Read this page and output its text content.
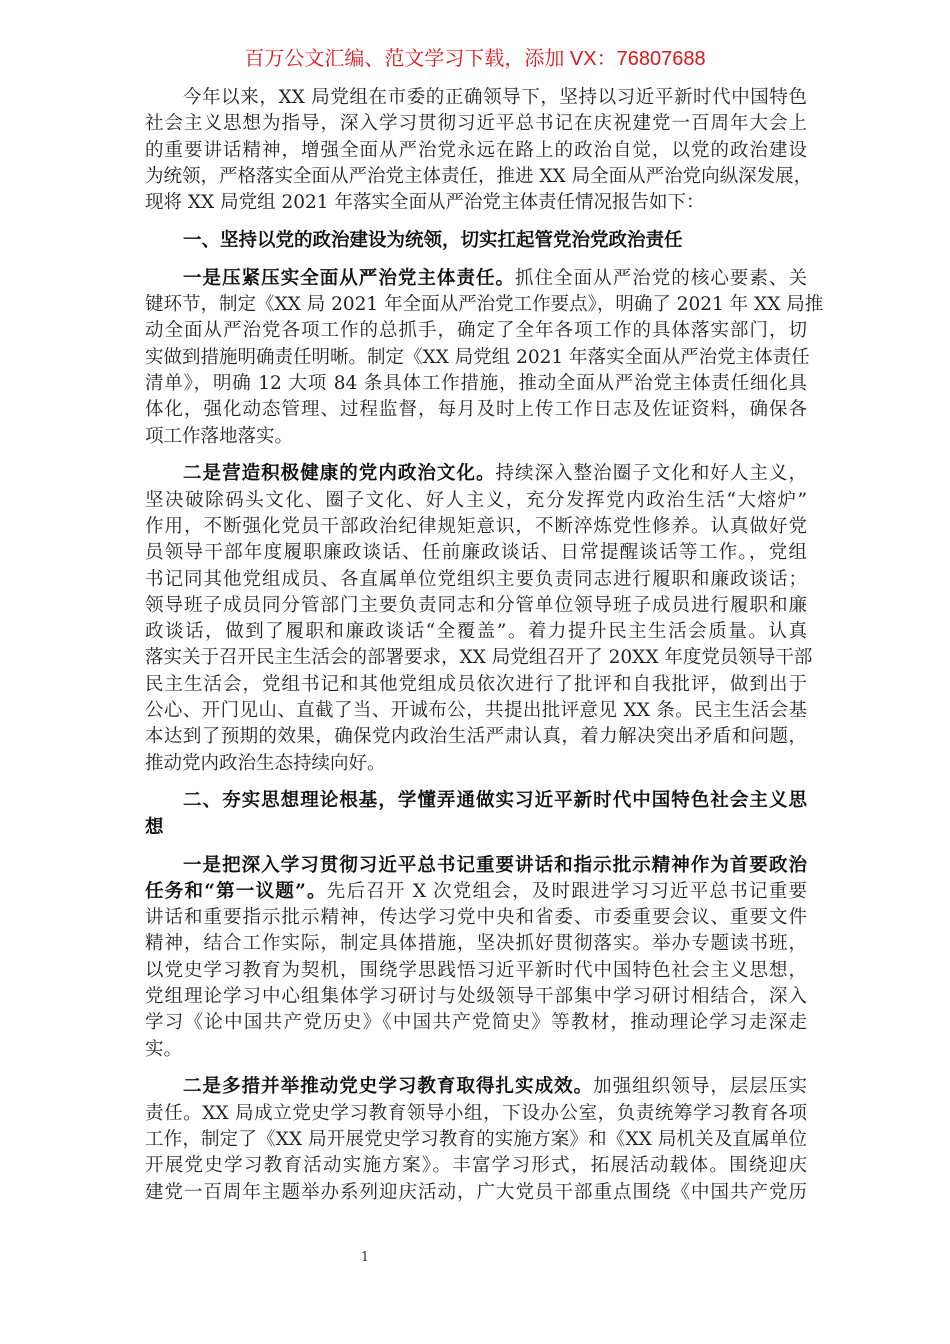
百万公文汇编、范文学习下载，添加 VX：76807688
今年以来，XX 局党组在市委的正确领导下，坚持以习近平新时代中国特色
社会主义思想为指导，深入学习贯彻习近平总书记在庆祝建党一百周年大会上
的重要讲话精神，增强全面从严治党永远在路上的政治自觉，以党的政治建设
为统领，严格落实全面从严治党主体责任，推进 XX 局全面从严治党向纵深发展，
现将 XX 局党组 2021 年落实全面从严治党主体责任情况报告如下：
一、坚持以党的政治建设为统领，切实扛起管党治党政治责任
一是压紧压实全面从严治党主体责任。抓住全面从严治党的核心要素、关
键环节，制定《XX 局 2021 年全面从严治党工作要点》，明确了 2021 年 XX 局推
动全面从严治党各项工作的总抓手，确定了全年各项工作的具体落实部门，切
实做到措施明确责任明晰。制定《XX 局党组 2021 年落实全面从严治党主体责任
清单》，明确 12 大项 84 条具体工作措施，推动全面从严治党主体责任细化具
体化，强化动态管理、过程监督，每月及时上传工作日志及佐证资料，确保各
项工作落地落实。
二是营造积极健康的党内政治文化。持续深入整治圈子文化和好人主义，
坚决破除码头文化、圈子文化、好人主义，充分发挥党内政治生活“大熔炉”
作用，不断强化党员干部政治纪律规矩意识，不断淬炼党性修养。认真做好党
员领导干部年度履职廉政谈话、任前廉政谈话、日常提醒谈话等工作。，党组
书记同其他党组成员、各直属单位党组织主要负责同志进行履职和廉政谈话；
领导班子成员同分管部门主要负责同志和分管单位领导班子成员进行履职和廉
政谈话，做到了履职和廉政谈话“全覆盖”。着力提升民主生活会质量。认真
落实关于召开民主生活会的部署要求，XX 局党组召开了 20XX 年度党员领导干部
民主生活会，党组书记和其他党组成员依次进行了批评和自我批评，做到出于
公心、开门见山、直截了当、开诚布公，共提出批评意见 XX 条。民主生活会基
本达到了预期的效果，确保党内政治生活严肃认真，着力解决突出矛盾和问题，
推动党内政治生态持续向好。
二、夯实思想理论根基，学懂弄通做实习近平新时代中国特色社会主义思
想
一是把深入学习贯彻习近平总书记重要讲话和指示批示精神作为首要政治
任务和“第一议题”。先后召开 X 次党组会，及时跟进学习习近平总书记重要
讲话和重要指示批示精神，传达学习党中央和省委、市委重要会议、重要文件
精神，结合工作实际，制定具体措施，坚决抓好贯彻落实。举办专题读书班，
以党史学习教育为契机，围绕学思践悟习近平新时代中国特色社会主义思想，
党组理论学习中心组集体学习研讨与处级领导干部集中学习研讨相结合，深入
学习《论中国共产党历史》《中国共产党简史》等教材，推动理论学习走深走
实。
二是多措并举推动党史学习教育取得扎实成效。加强组织领导，层层压实
责任。XX 局成立党史学习教育领导小组，下设办公室，负责统筹学习教育各项
工作，制定了《XX 局开展党史学习教育的实施方案》和《XX 局机关及直属单位
开展党史学习教育活动实施方案》。丰富学习形式，拓展活动载体。围绕迎庆
建党一百周年主题举办系列迎庆活动，广大党员干部重点围绕《中国共产党历
1
